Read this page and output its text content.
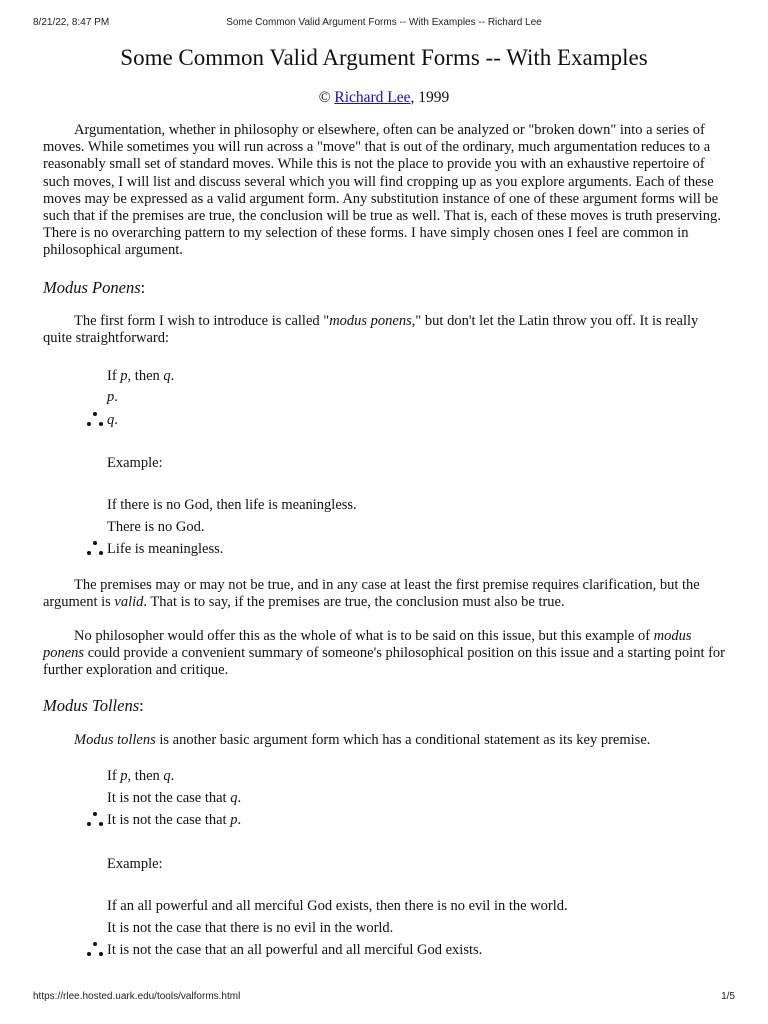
8/21/22, 8:47 PM	Some Common Valid Argument Forms -- With Examples -- Richard Lee
Some Common Valid Argument Forms -- With Examples
© Richard Lee, 1999

Argumentation, whether in philosophy or elsewhere, often can be analyzed or "broken down" into a series of moves. While sometimes you will run across a "move" that is out of the ordinary, much argumentation reduces to a reasonably small set of standard moves. While this is not the place to provide you with an exhaustive repertoire of such moves, I will list and discuss several which you will find cropping up as you explore arguments. Each of these moves may be expressed as a valid argument form. Any substitution instance of one of these argument forms will be such that if the premises are true, the conclusion will be true as well. That is, each of these moves is truth preserving. There is no overarching pattern to my selection of these forms. I have simply chosen ones I feel are common in philosophical argument.

Modus Ponens:

The first form I wish to introduce is called "modus ponens," but don't let the Latin throw you off. It is really quite straightforward:

If p, then q.
p.
q.
Example:
If there is no God, then life is meaningless.
There is no God.
Life is meaningless.

The premises may or may not be true, and in any case at least the first premise requires clarification, but the argument is valid. That is to say, if the premises are true, the conclusion must also be true.

No philosopher would offer this as the whole of what is to be said on this issue, but this example of modus ponens could provide a convenient summary of someone's philosophical position on this issue and a starting point for further exploration and critique.

Modus Tollens:

Modus tollens is another basic argument form which has a conditional statement as its key premise.

If p, then q.
It is not the case that q.
It is not the case that p.
Example:
If an all powerful and all merciful God exists, then there is no evil in the world.
It is not the case that there is no evil in the world.
It is not the case that an all powerful and all merciful God exists.
https://rlee.hosted.uark.edu/tools/valforms.html	1/5
